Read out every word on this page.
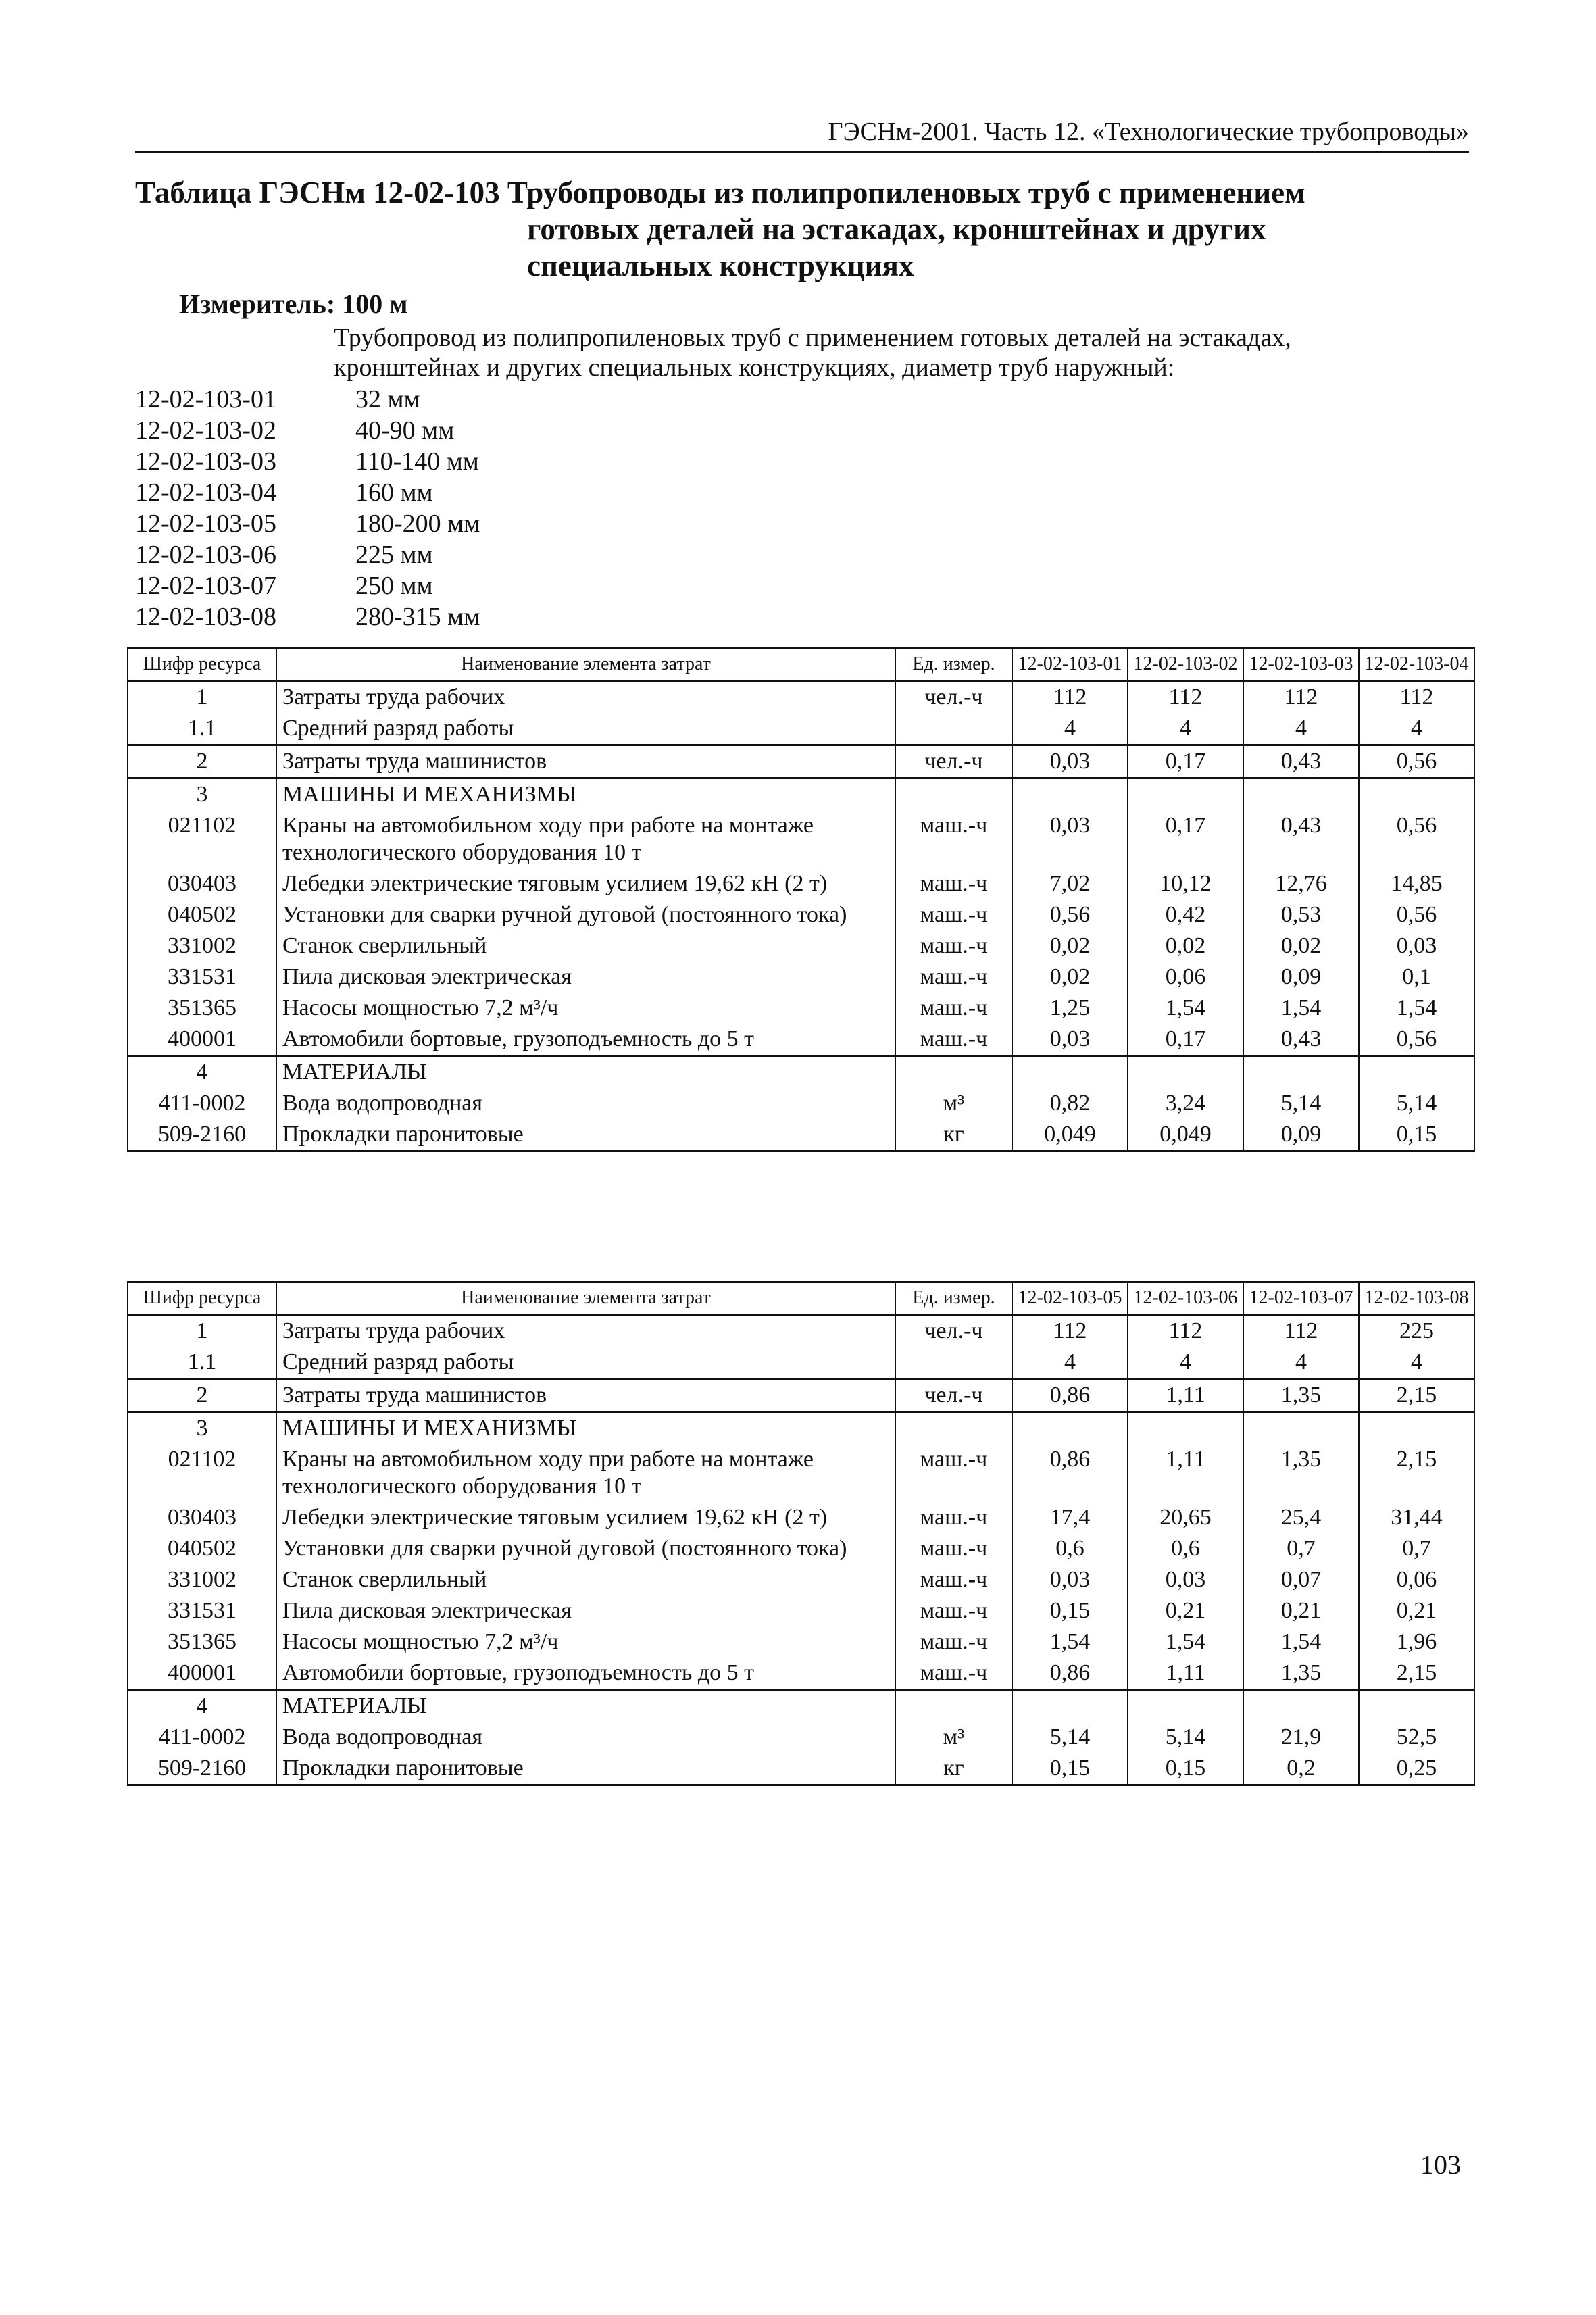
ГЭСНм-2001. Часть 12. «Технологические трубопроводы»
Таблица ГЭСНм 12-02-103 Трубопроводы из полипропиленовых труб с применением
готовых деталей на эстакадах, кронштейнах и других
специальных конструкциях
Измеритель: 100 м
Трубопровод из полипропиленовых труб с применением готовых деталей на эстакадах, кронштейнах и других специальных конструкциях, диаметр труб наружный:
12-02-103-01	32 мм
12-02-103-02	40-90 мм
12-02-103-03	110-140 мм
12-02-103-04	160 мм
12-02-103-05	180-200 мм
12-02-103-06	225 мм
12-02-103-07	250 мм
12-02-103-08	280-315 мм
Шифр ресурса	Наименование элемента затрат	Ед. измер.	12-02-103-01	12-02-103-02	12-02-103-03	12-02-103-04
1	Затраты труда рабочих	чел.-ч	112	112	112	112
1.1	Средний разряд работы		4	4	4	4
2	Затраты труда машинистов	чел.-ч	0,03	0,17	0,43	0,56
3	МАШИНЫ И МЕХАНИЗМЫ					
021102	Краны на автомобильном ходу при работе на монтаже технологического оборудования 10 т	маш.-ч	0,03	0,17	0,43	0,56
030403	Лебедки электрические тяговым усилием 19,62 кН (2 т)	маш.-ч	7,02	10,12	12,76	14,85
040502	Установки для сварки ручной дуговой (постоянного тока)	маш.-ч	0,56	0,42	0,53	0,56
331002	Станок сверлильный	маш.-ч	0,02	0,02	0,02	0,03
331531	Пила дисковая электрическая	маш.-ч	0,02	0,06	0,09	0,1
351365	Насосы мощностью 7,2 м³/ч	маш.-ч	1,25	1,54	1,54	1,54
400001	Автомобили бортовые, грузоподъемность до 5 т	маш.-ч	0,03	0,17	0,43	0,56
4	МАТЕРИАЛЫ					
411-0002	Вода водопроводная	м³	0,82	3,24	5,14	5,14
509-2160	Прокладки паронитовые	кг	0,049	0,049	0,09	0,15
Шифр ресурса	Наименование элемента затрат	Ед. измер.	12-02-103-05	12-02-103-06	12-02-103-07	12-02-103-08
1	Затраты труда рабочих	чел.-ч	112	112	112	225
1.1	Средний разряд работы		4	4	4	4
2	Затраты труда машинистов	чел.-ч	0,86	1,11	1,35	2,15
3	МАШИНЫ И МЕХАНИЗМЫ					
021102	Краны на автомобильном ходу при работе на монтаже технологического оборудования 10 т	маш.-ч	0,86	1,11	1,35	2,15
030403	Лебедки электрические тяговым усилием 19,62 кН (2 т)	маш.-ч	17,4	20,65	25,4	31,44
040502	Установки для сварки ручной дуговой (постоянного тока)	маш.-ч	0,6	0,6	0,7	0,7
331002	Станок сверлильный	маш.-ч	0,03	0,03	0,07	0,06
331531	Пила дисковая электрическая	маш.-ч	0,15	0,21	0,21	0,21
351365	Насосы мощностью 7,2 м³/ч	маш.-ч	1,54	1,54	1,54	1,96
400001	Автомобили бортовые, грузоподъемность до 5 т	маш.-ч	0,86	1,11	1,35	2,15
4	МАТЕРИАЛЫ					
411-0002	Вода водопроводная	м³	5,14	5,14	21,9	52,5
509-2160	Прокладки паронитовые	кг	0,15	0,15	0,2	0,25
103
